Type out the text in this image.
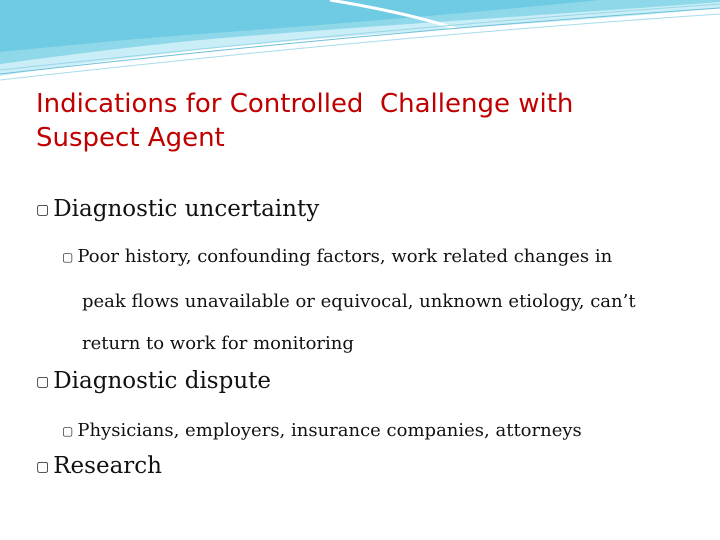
Indications for Controlled  Challenge with
Suspect Agent
▢ Diagnostic uncertainty
▢ Poor history, confounding factors, work related changes in
peak flows unavailable or equivocal, unknown etiology, can’t
return to work for monitoring
▢ Diagnostic dispute
▢ Physicians, employers, insurance companies, attorneys
▢ Research
